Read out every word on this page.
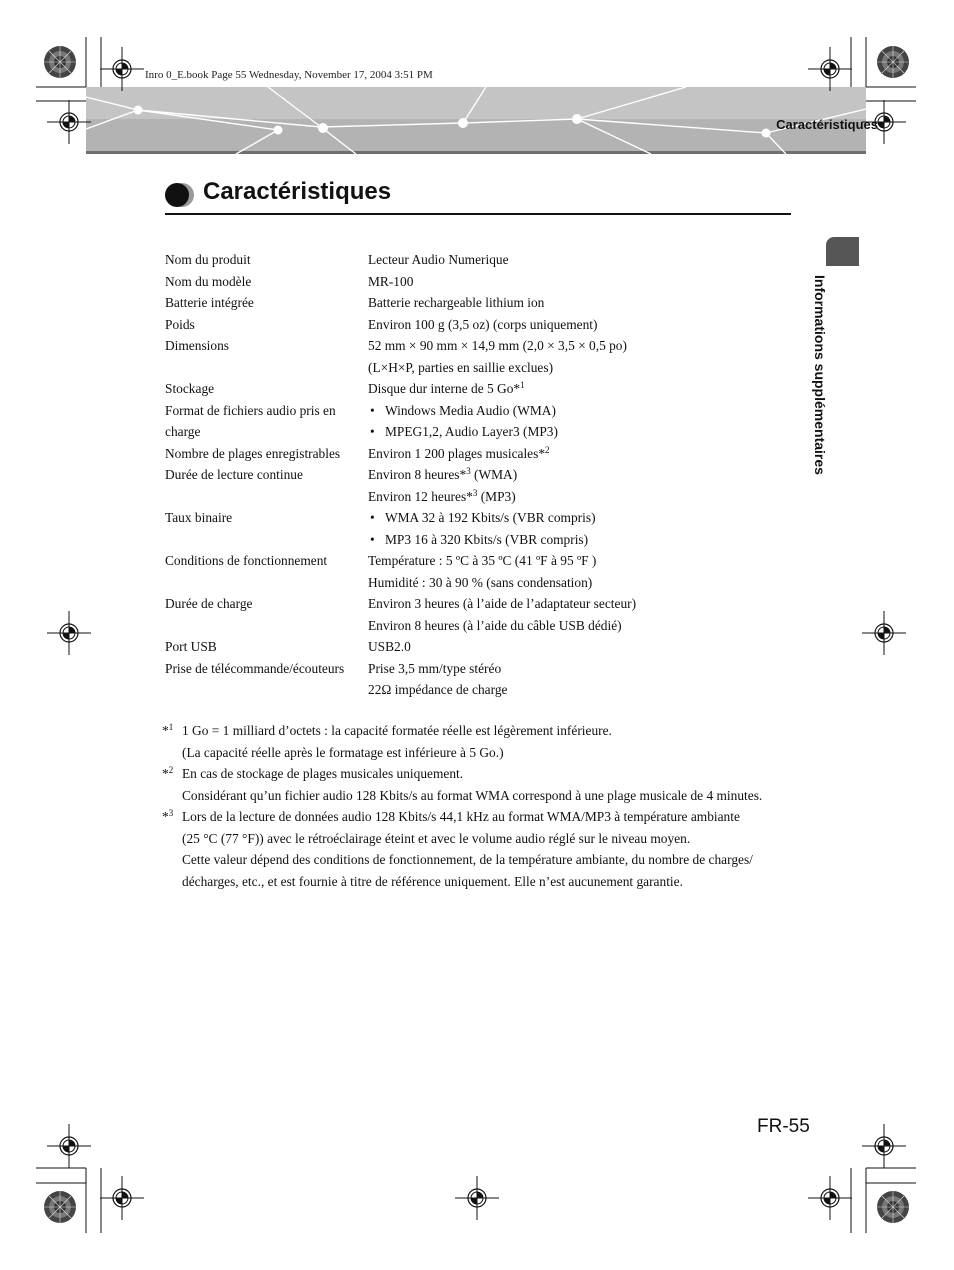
Inro 0_E.book Page 55 Wednesday, November 17, 2004 3:51 PM
Caractéristiques
Caractéristiques
Informations supplémentaires
Nom du produit	Lecteur Audio Numerique
Nom du modèle	MR-100
Batterie intégrée	Batterie rechargeable lithium ion
Poids	Environ 100 g (3,5 oz) (corps uniquement)
Dimensions	52 mm × 90 mm × 14,9 mm (2,0 × 3,5 × 0,5 po)
(L×H×P, parties en saillie exclues)
Stockage	Disque dur interne de 5 Go*$^1$
Format de fichiers audio pris en	• Windows Media Audio (WMA)
charge	• MPEG1,2, Audio Layer3 (MP3)
Nombre de plages enregistrables	Environ 1 200 plages musicales*$^2$
Durée de lecture continue	Environ 8 heures*$^3$ (WMA)
Environ 12 heures*$^3$ (MP3)
Taux binaire	• WMA 32 à 192 Kbits/s (VBR compris)
• MP3 16 à 320 Kbits/s (VBR compris)
Conditions de fonctionnement	Température : 5 ºC à 35 ºC (41 ºF à 95 ºF )
Humidité : 30 à 90 % (sans condensation)
Durée de charge	Environ 3 heures (à l’aide de l’adaptateur secteur)
Environ 8 heures (à l’aide du câble USB dédié)
Port USB	USB2.0
Prise de télécommande/écouteurs	Prise 3,5 mm/type stéréo
22Ω impédance de charge
*$^1$ 1 Go = 1 milliard d’octets : la capacité formatée réelle est légèrement inférieure.
(La capacité réelle après le formatage est inférieure à 5 Go.)
*$^2$ En cas de stockage de plages musicales uniquement.
Considérant qu’un fichier audio 128 Kbits/s au format WMA correspond à une plage musicale de 4 minutes.
*$^3$ Lors de la lecture de données audio 128 Kbits/s 44,1 kHz au format WMA/MP3 à température ambiante
(25 °C (77 °F)) avec le rétroéclairage éteint et avec le volume audio réglé sur le niveau moyen.
Cette valeur dépend des conditions de fonctionnement, de la température ambiante, du nombre de charges/
décharges, etc., et est fournie à titre de référence uniquement. Elle n’est aucunement garantie.
FR-55
